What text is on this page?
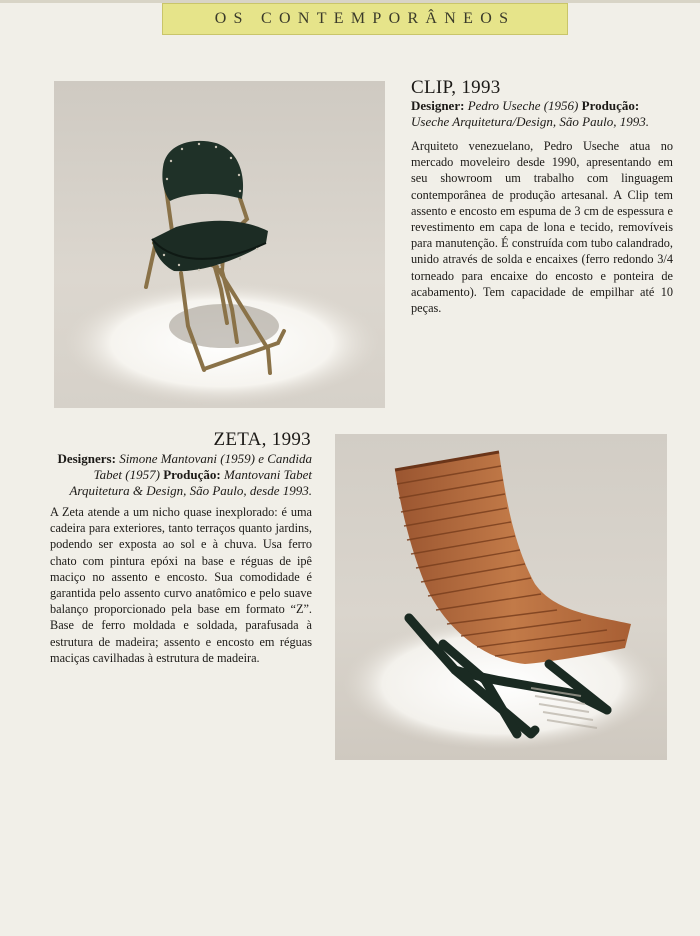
OS CONTEMPORÂNEOS
CLIP, 1993
Designer: Pedro Useche (1956) Produção: Useche Arquitetura/Design, São Paulo, 1993.

Arquiteto venezuelano, Pedro Useche atua no mercado moveleiro desde 1990, apresentando em seu showroom um trabalho com linguagem contemporânea de produção artesanal. A Clip tem assento e encosto em espuma de 3 cm de espessura e revestimento em capa de lona e tecido, removíveis para manutenção. É construída com tubo calandrado, unido através de solda e encaixes (ferro redondo 3/4 torneado para encaixe do encosto e ponteira de acabamento). Tem capacidade de empilhar até 10 peças.

ZETA, 1993
Designers: Simone Mantovani (1959) e Candida Tabet (1957) Produção: Mantovani Tabet Arquitetura & Design, São Paulo, desde 1993.

A Zeta atende a um nicho quase inexplorado: é uma cadeira para exteriores, tanto terraços quanto jardins, podendo ser exposta ao sol e à chuva. Usa ferro chato com pintura epóxi na base e réguas de ipê maciço no assento e encosto. Sua comodidade é garantida pelo assento curvo anatômico e pelo suave balanço proporcionado pela base em formato “Z”. Base de ferro moldada e soldada, parafusada à estrutura de madeira; assento e encosto em réguas maciças cavilhadas à estrutura de madeira.
